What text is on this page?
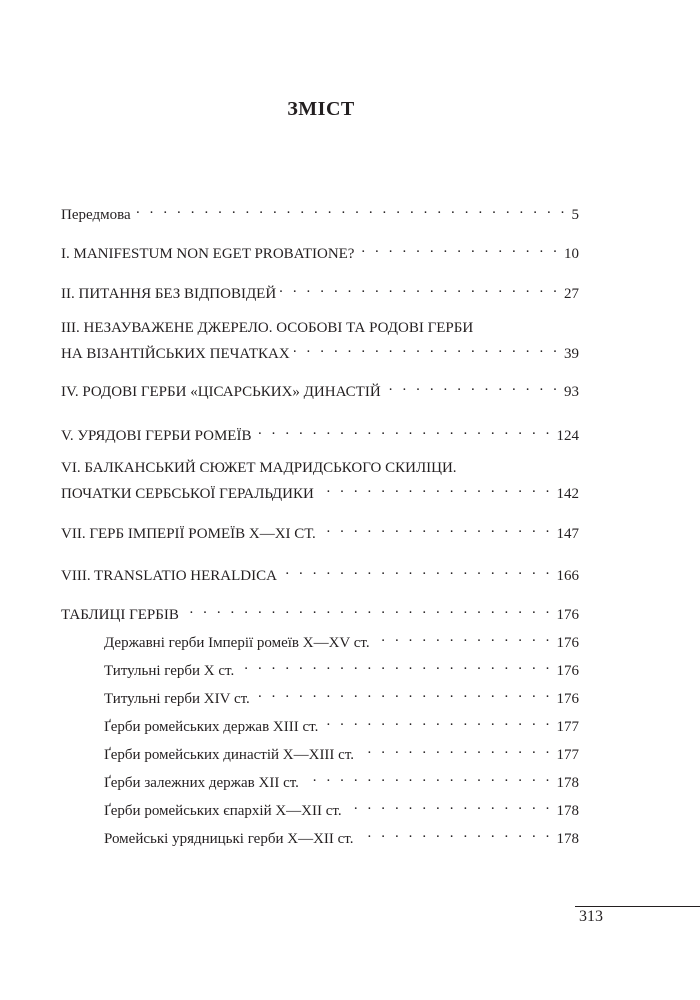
ЗМІСТ
Передмова . . .	5
I. MANIFESTUM NON EGET PROBATIONE? . . .	10
II. ПИТАННЯ БЕЗ ВІДПОВІДЕЙ . . .	27
III. НЕЗАУВАЖЕНЕ ДЖЕРЕЛО. ОСОБОВІ ТА РОДОВІ ГЕРБИ
НА ВІЗАНТІЙСЬКИХ ПЕЧАТКАХ . . .	39
IV. РОДОВІ ГЕРБИ «ЦІСАРСЬКИХ» ДИНАСТІЙ . . .	93
V. УРЯДОВІ ГЕРБИ РОМЕЇВ . . .	124
VI. БАЛКАНСЬКИЙ СЮЖЕТ МАДРИДСЬКОГО СКИЛІЦИ.
ПОЧАТКИ СЕРБСЬКОЇ ГЕРАЛЬДИКИ . . .	142
VII. ГЕРБ ІМПЕРІЇ РОМЕЇВ X—XI СТ. . . .	147
VIII. TRANSLATIO HERALDICA . . .	166
ТАБЛИЦІ ГЕРБІВ . . .	176
Державні герби Імперії ромеїв X—XV ст. . . .	176
Титульні герби X ст. . . .	176
Титульні герби XIV ст. . . .	176
Ґерби ромейських держав XIII ст. . . .	177
Ґерби ромейських династій X—XIII ст. . . .	177
Ґерби залежних держав XII ст. . . .	178
Ґерби ромейських єпархій X—XII ст. . . .	178
Ромейські урядницькі герби X—XII ст. . . .	178
313
